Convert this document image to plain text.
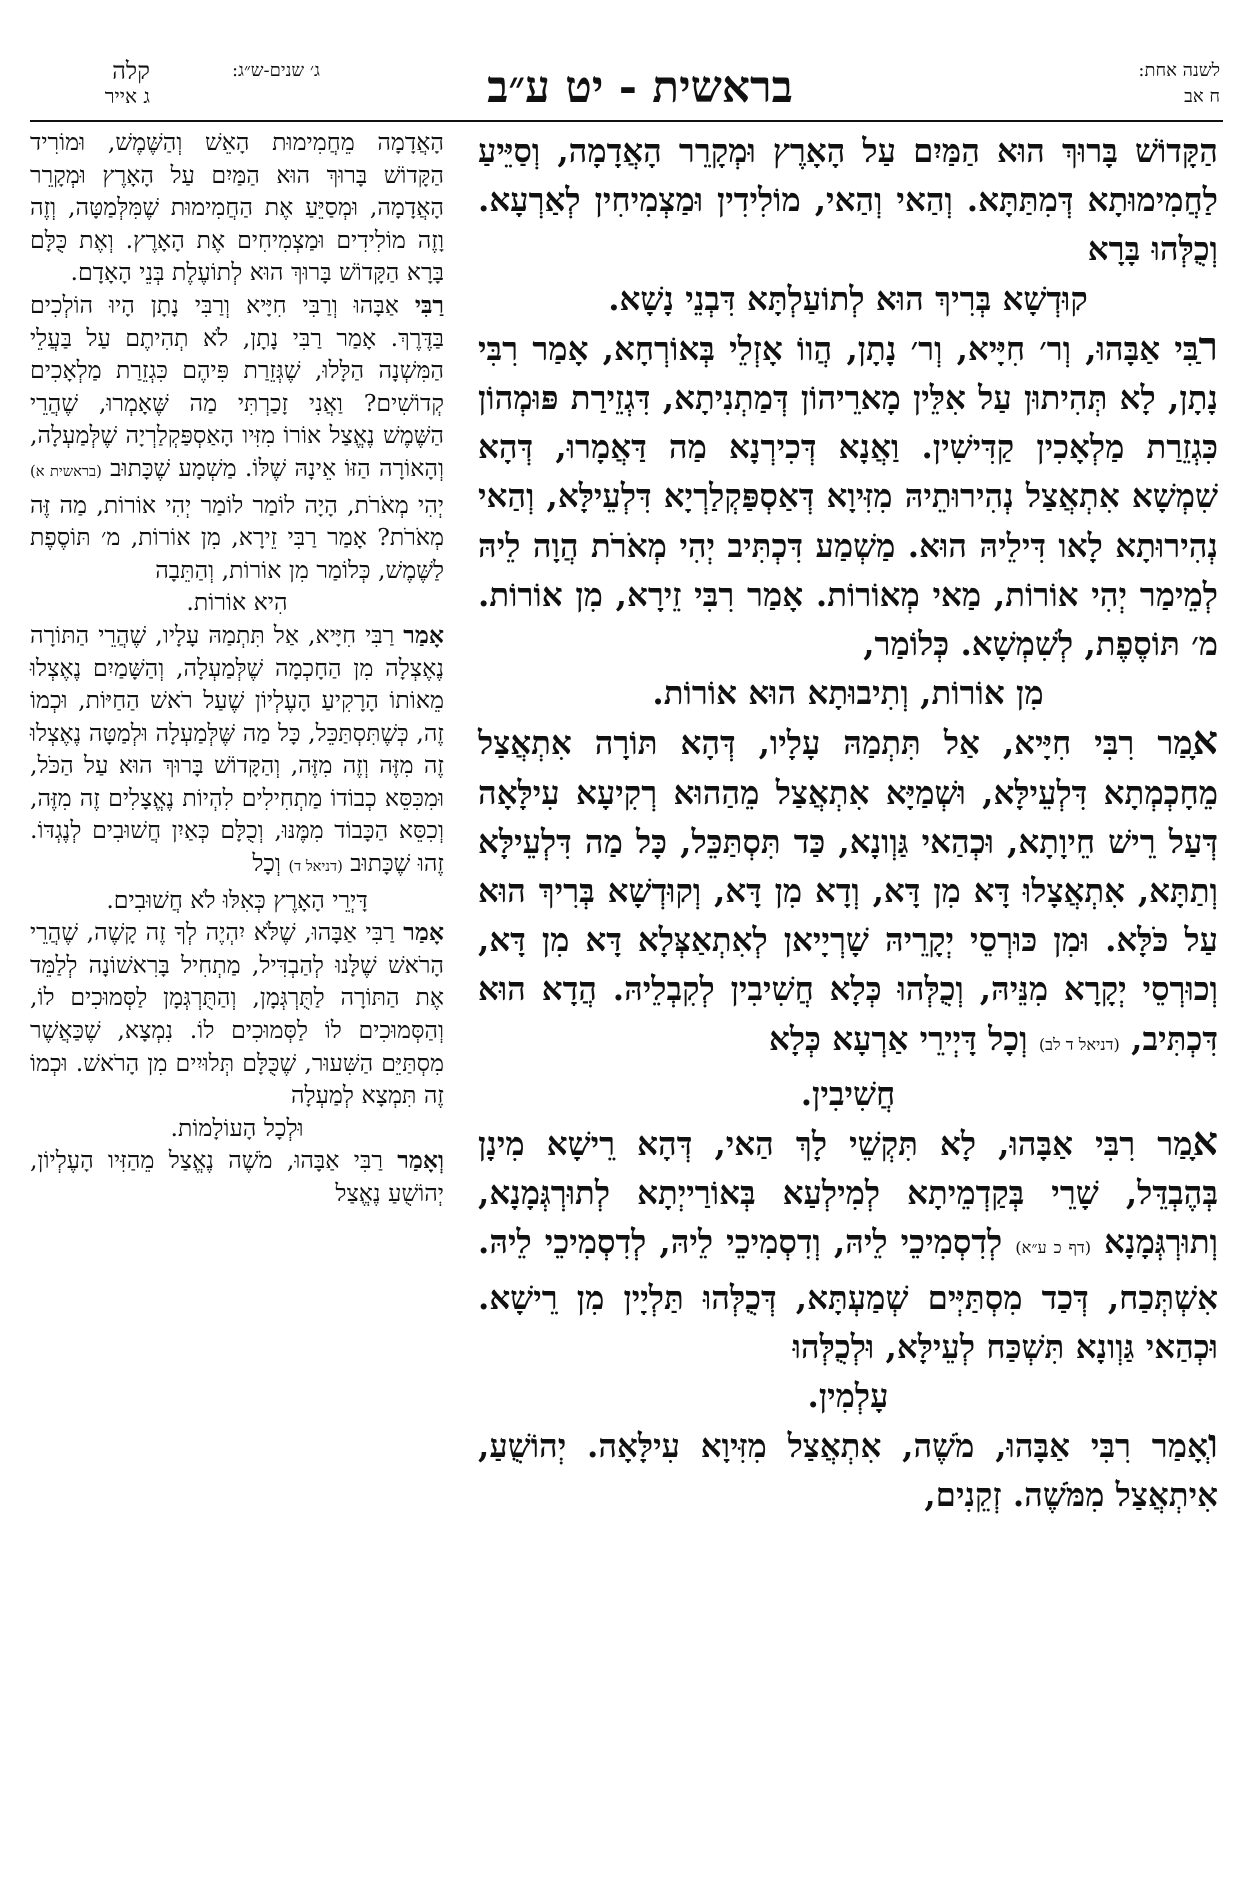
קלה
ג אייר
ג׳ שנים-ש״ג:	בראשית - יט ע״ב	לשנה אחת:
ח אב

הַקָּדוֹשׁ בָּרוּךְ הוּא הַמַּיִם עַל הָאָרֶץ וּמְקָרֵר הָאֲדָמָה, וְסַיֵּיעַ לַחֲמִימוּתָא דְּמִתַּתָּא. וְהַאי וְהַאי, מוֹלִידִין וּמַצְמִיחִין לְאַרְעָא. וְכֻלְּהוּ בָּרָא

קוּדְשָׁא בְּרִיךְ הוּא לְתוֹעַלְתָּא דִּבְנֵי נָשָׁא.

רַבִּי אַבָּהוּ, וְר׳ חִיָּיא, וְר׳ נָתָן, הֲווֹ אָזְלֵי בְּאוֹרְחָא, אָמַר רִבִּי נָתָן, לָא תְּהִיתוּן עַל אִלֵּין מָארֵיהוֹן דְּמַתְנִיתָא, דִּגְזֵירַת פּוּמְהוֹן כִּגְזֵרַת מַלְאָכִין קַדִּישִׁין. וַאֲנָא דְּכִירְנָא מַה דַּאֲמָרוּ, דְּהָא שִׁמְשָׁא אִתְאֲצַל נְהִירוּתֵיהּ מִזִּיוָא דְּאַסְפַּקְלַרְיָא דִּלְעֵילָּא, וְהַאי נְהִירוּתָא לָאו דִּילֵיהּ הוּא. מַשְׁמַע דִּכְתִּיב יְהִי מְאֹרֹת הֲוָה לֵיהּ לְמֵימַר יְהִי אוֹרוֹת, מַאי מְאוֹרוֹת. אָמַר רִבִּי זֵירָא, מִן אוֹרוֹת. מ׳ תּוֹסֶפֶת, לְשִׁמְשָׁא. כְּלוֹמַר,

מִן אוֹרוֹת, וְתִיבוּתָא הוּא אוֹרוֹת.

אָמַר רִבִּי חִיָּיא, אַל תִּתְמַהּ עָלָיו, דְּהָא תּוֹרָה אִתְאֲצַל מֵחָכְמְתָא דִּלְעֵילָּא, וּשְׁמַיָּא אִתְאֲצַל מֵהַהוּא רְקִיעָא עִילָּאָה דְּעַל רֵישׁ חֵיוָתָא, וּכְהַאי גַּוְונָא, כַּד תִּסְתַּכֵּל, כָּל מַה דִּלְעֵילָּא וְתַתָּא, אִתְאֲצָלוּ דָּא מִן דָּא, וְדָא מִן דָּא, וְקוּדְשָׁא בְּרִיךְ הוּא עַל כֹּלָּא. וּמִן כּוּרְסֵי יְקָרֵיהּ שָׁרְיָיאן לְאִתְאַצְּלָא דָּא מִן דָּא, וְכוּרְסֵי יְקָרָא מִנֵּיהּ, וְכֻלְּהוּ כְּלָא חֲשִׁיבִין לְקִבְלֵיהּ. הֲדָא הוּא דִּכְתִּיב, (דניאל ד לב) וְכָל דָּיְירֵי אַרְעָא כְּלָא

חֲשִׁיבִין.

אָמַר רִבִּי אַבָּהוּ, לָא תִּקְשֵׁי לָךְ הַאי, דְּהָא רֵישָׁא מִינָן בְּהֶבְדֵּל, שָׁרֵי בְּקַדְמֵיתָא לְמִילְעַא בְּאוֹרַייְתָא לְתוּרְגְּמָנָא, וְתוּרְגְּמָנָא (דף כ ע״א) לְדִסְמִיכֵי לֵיהּ, וְדִסְמִיכֵי לֵיהּ, לְדִסְמִיכֵי לֵיהּ. אִשְׁתְּכַח, דְּכַד מִסְתַּיְּים שְׁמַעְתָּא, דְּכֻלְּהוּ תַּלְיָין מִן רֵישָׁא. וּכְהַאי גַּוְונָא תִּשְׁכַּח לְעֵילָּא, וּלְכֻלְּהוּ

עָלְמִין.

וְאָמַר רִבִּי אַבָּהוּ, מֹשֶׁה, אִתְאֲצַל מִזִּיוָא עִילָּאָה. יְהוֹשֻׁעַ, אִיתְאֲצַל מִמֹּשֶׁה. זְקֵנִים,

הָאֲדָמָה מֵחֲמִימוּת הָאֵשׁ וְהַשֶּׁמֶשׁ, וּמוֹרִיד הַקָּדוֹשׁ בָּרוּךְ הוּא הַמַּיִם עַל הָאָרֶץ וּמְקָרֵר הָאֲדָמָה, וּמְסַיֵּעַ אֶת הַחֲמִימוּת שֶׁמִּלְּמַטָּה, וְזֶה וָזֶה מוֹלִידִים וּמַצְמִיחִים אֶת הָאָרֶץ. וְאֶת כֻּלָּם בָּרָא הַקָּדוֹשׁ בָּרוּךְ הוּא לְתוֹעֶלֶת בְּנֵי הָאָדָם.

רַבִּי אַבָּהוּ וְרַבִּי חִיָּיא וְרַבִּי נָתָן הָיוּ הוֹלְכִים בַּדֶּרֶךְ. אָמַר רַבִּי נָתָן, לֹא תְהִיתֶם עַל בַּעֲלֵי הַמִּשְׁנָה הַלָּלוּ, שֶׁגְּזֵרַת פִּיהֶם כִּגְזֵרַת מַלְאָכִים קְדוֹשִׁים? וַאֲנִי זָכַרְתִּי מַה שֶּׁאָמְרוּ, שֶׁהֲרֵי הַשֶּׁמֶשׁ נֶאֱצַל אוֹרוֹ מִזִּיו הָאַסְפַּקְלַרְיָה שֶׁלְּמַעְלָה, וְהָאוֹרָה הַזּוֹ אֵינָהּ שֶׁלּוֹ. מַשְׁמָע שֶׁכָּתוּב (בראשית א) יְהִי מְאֹרֹת, הָיָה לוֹמַר לוֹמַר יְהִי אוֹרוֹת, מַה זֶּה מְאֹרֹת? אָמַר רַבִּי זֵירָא, מִן אוֹרוֹת, מ׳ תּוֹסֶפֶת לַשֶּׁמֶשׁ, כְּלוֹמַר מִן אוֹרוֹת, וְהַתֵּבָה

הִיא אוֹרוֹת.

אָמַר רַבִּי חִיָּיא, אַל תִּתְמַהּ עָלָיו, שֶׁהֲרֵי הַתּוֹרָה נֶאֶצְלָה מִן הַחָכְמָה שֶׁלְּמַעְלָה, וְהַשָּׁמַיִם נֶאֶצְלוּ מֵאוֹתוֹ הָרָקִיעַ הָעֶלְיוֹן שֶׁעַל רֹאשׁ הַחַיּוֹת, וּכְמוֹ זֶה, כְּשֶׁתִּסְתַּכֵּל, כָּל מַה שֶּׁלְּמַעְלָה וּלְמַטָּה נֶאֶצְלוּ זֶה מִזֶּה וְזֶה מִזֶּה, וְהַקָּדוֹשׁ בָּרוּךְ הוּא עַל הַכֹּל, וּמִכִּסֵּא כְבוֹדוֹ מַתְחִילִים לִהְיוֹת נֶאֱצָלִים זֶה מִזֶּה, וְכִסֵּא הַכָּבוֹד מִמֶּנּוּ, וְכֻלָּם כְּאַיִן חֲשׁוּבִים לְנֶגְדּוֹ. זֶהוּ שֶׁכָּתוּב (דניאל ד) וְכָל

דָּיְרֵי הָאָרֶץ כְּאִלּוּ לֹא חֲשׁוּבִים.

אָמַר רַבִּי אַבָּהוּ, שֶׁלֹּא יִהְיֶה לְךָ זֶה קָשֶׁה, שֶׁהֲרֵי הָרֹאשׁ שֶׁלָּנוּ לְהַבְדִּיל, מַתְחִיל בָּרִאשׁוֹנָה לְלַמֵּד אֶת הַתּוֹרָה לַתֻּרְגְּמָן, וְהַתֻּרְגְּמָן לַסְּמוּכִים לוֹ, וְהַסְּמוּכִים לוֹ לַסְּמוּכִים לוֹ. נִמְצָא, שֶׁכַּאֲשֶׁר מִסְתַּיֵּם הַשִּׁעוּר, שֶׁכֻּלָּם תְּלוּיִים מִן הָרֹאשׁ. וּכְמוֹ זֶה תִּמְצָא לְמַעְלָה

וּלְכָל הָעוֹלָמוֹת.

וְאָמַר רַבִּי אַבָּהוּ, מֹשֶׁה נֶאֱצַל מֵהַזִּיו הָעֶלְיוֹן, יְהוֹשֻׁעַ נֶאֱצַל
